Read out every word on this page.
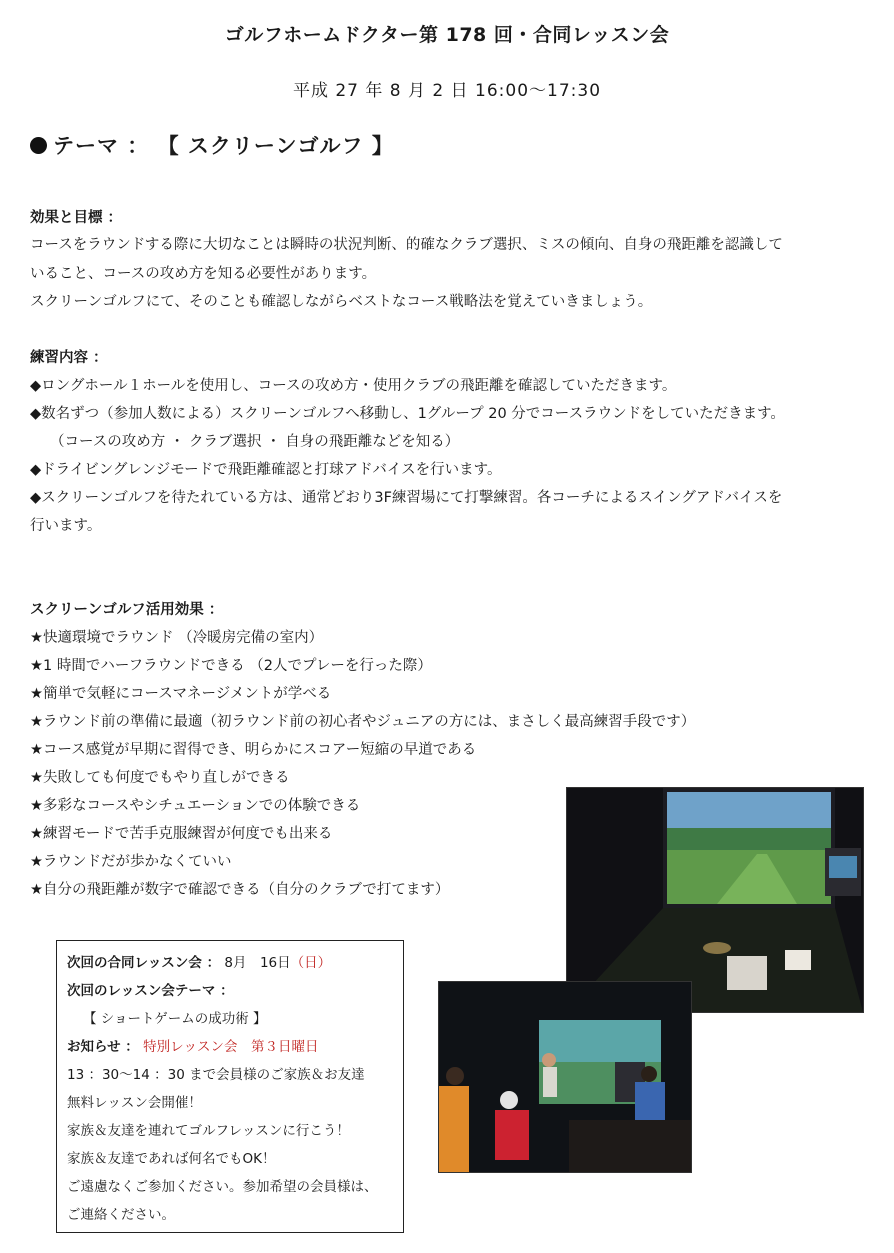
ゴルフホームドクター第 178 回・合同レッスン会
平成 27 年 8 月 2 日 16:00～17:30
テーマ ： 【 スクリーンゴルフ 】
効果と目標 ：
コースをラウンドする際に大切なことは瞬時の状況判断、的確なクラブ選択、ミスの傾向、自身の飛距離を認識して
いること、コースの攻め方を知る必要性があります。
スクリーンゴルフにて、そのことも確認しながらベストなコース戦略法を覚えていきましょう。
練習内容 ：
◆ロングホール１ホールを使用し、コースの攻め方・使用クラブの飛距離を確認していただきます。
◆数名ずつ（参加人数による）スクリーンゴルフへ移動し、1グループ 20 分でコースラウンドをしていただきます。
（コースの攻め方 ・ クラブ選択 ・ 自身の飛距離などを知る）
◆ドライビングレンジモードで飛距離確認と打球アドバイスを行います。
◆スクリーンゴルフを待たれている方は、通常どおり3F練習場にて打撃練習。各コーチによるスイングアドバイスを
行います。
スクリーンゴルフ活用効果 ：
★快適環境でラウンド （冷暖房完備の室内）
★1 時間でハーフラウンドできる （2人でプレーを行った際）
★簡単で気軽にコースマネージメントが学べる
★ラウンド前の準備に最適（初ラウンド前の初心者やジュニアの方には、まさしく最高練習手段です）
★コース感覚が早期に習得でき、明らかにスコアー短縮の早道である
★失敗しても何度でもやり直しができる
★多彩なコースやシチュエーションでの体験できる
★練習モードで苦手克服練習が何度でも出来る
★ラウンドだが歩かなくていい
★自分の飛距離が数字で確認できる（自分のクラブで打てます）
次回の合同レッスン会 ： 8月　16日（日）
次回のレッスン会テーマ ：
【 ショートゲームの成功術 】
お知らせ ： 特別レッスン会　第３日曜日
13 ：30～14 ：30 まで会員様のご家族＆お友達
無料レッスン会開催！
家族＆友達を連れてゴルフレッスンに行こう！
家族＆友達であれば何名でもOK！
ご遠慮なくご参加ください。参加希望の会員様は、
ご連絡ください。
